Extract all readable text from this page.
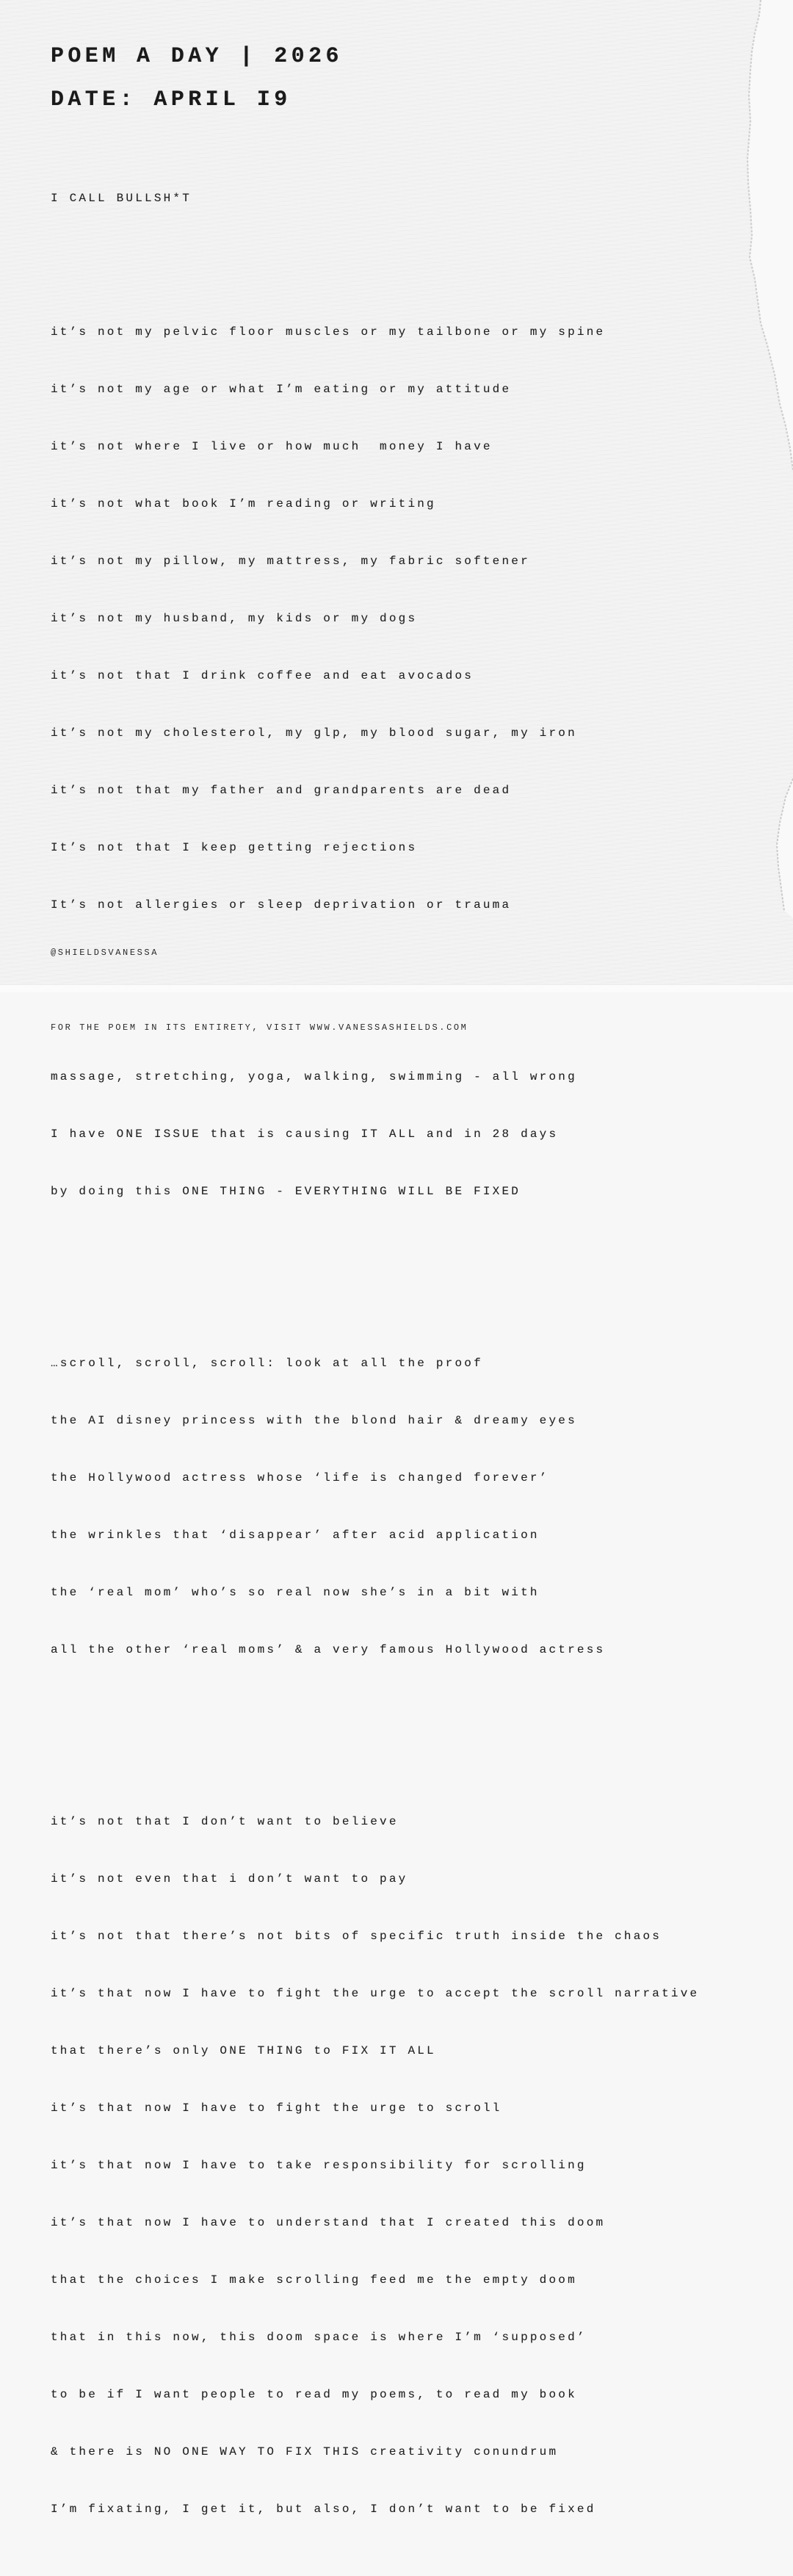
POEM A DAY | 2026
DATE: APRIL I9

I CALL BULLSH*T

it’s not my pelvic floor muscles or my tailbone or my spine

it’s not my age or what I’m eating or my attitude

it’s not where I live or how much  money I have

it’s not what book I’m reading or writing

it’s not my pillow, my mattress, my fabric softener

it’s not my husband, my kids or my dogs

it’s not that I drink coffee and eat avocados

it’s not my cholesterol, my glp, my blood sugar, my iron

it’s not that my father and grandparents are dead

It’s not that I keep getting rejections

It’s not allergies or sleep deprivation or trauma

massage, stretching, yoga, walking, swimming - all wrong

I have ONE ISSUE that is causing IT ALL and in 28 days

by doing this ONE THING - EVERYTHING WILL BE FIXED

…scroll, scroll, scroll: look at all the proof

the AI disney princess with the blond hair & dreamy eyes

the Hollywood actress whose ‘life is changed forever’

the wrinkles that ‘disappear’ after acid application

the ‘real mom’ who’s so real now she’s in a bit with

all the other ‘real moms’ & a very famous Hollywood actress

it’s not that I don’t want to believe

it’s not even that i don’t want to pay

it’s not that there’s not bits of specific truth inside the chaos

it’s that now I have to fight the urge to accept the scroll narrative

that there’s only ONE THING to FIX IT ALL

it’s that now I have to fight the urge to scroll

it’s that now I have to take responsibility for scrolling

it’s that now I have to understand that I created this doom

that the choices I make scrolling feed me the empty doom

that in this now, this doom space is where I’m ‘supposed’

to be if I want people to read my poems, to read my book

& there is NO ONE WAY TO FIX THIS creativity conundrum

I’m fixating, I get it, but also, I don’t want to be fixed

@SHIELDSVANESSA

FOR THE POEM IN ITS ENTIRETY, VISIT WWW.VANESSASHIELDS.COM
